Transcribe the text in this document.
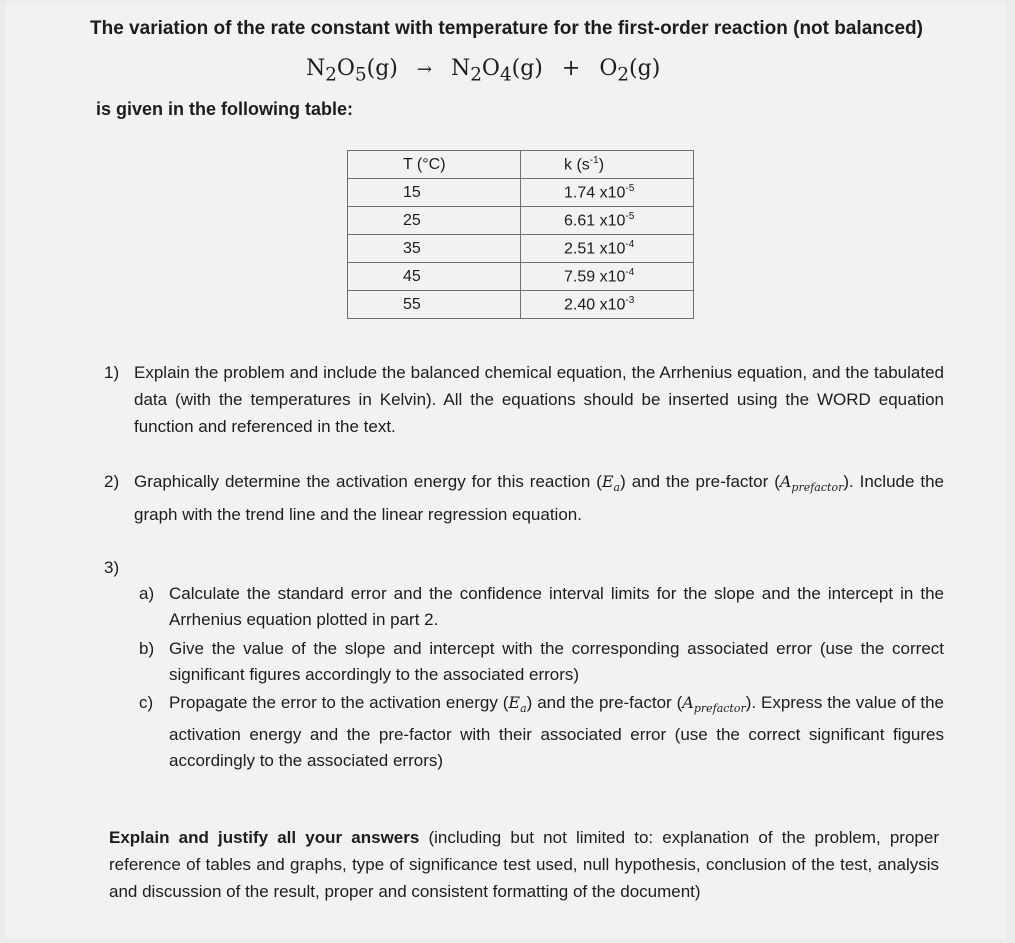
The variation of the rate constant with temperature for the first-order reaction (not balanced)
$N_2O_5(g) \to N_2O_4(g) + O_2(g)$
is given in the following table:
T (°C)	k $(s^{-1})$
15	1.74 $x10^{-5}$
25	6.61 $x10^{-5}$
35	2.51 $x10^{-4}$
45	7.59 $x10^{-4}$
55	2.40 $x10^{-3}$
1) Explain the problem and include the balanced chemical equation, the Arrhenius equation, and the tabulated data (with the temperatures in Kelvin). All the equations should be inserted using the WORD equation function and referenced in the text.
2) Graphically determine the activation energy for this reaction $(E_a)$ and the pre-factor $(A_{prefactor})$. Include the graph with the trend line and the linear regression equation.
3)
a) Calculate the standard error and the confidence interval limits for the slope and the intercept in the Arrhenius equation plotted in part 2.
b) Give the value of the slope and intercept with the corresponding associated error (use the correct significant figures accordingly to the associated errors)
c) Propagate the error to the activation energy $(E_a)$ and the pre-factor $(A_{prefactor})$. Express the value of the activation energy and the pre-factor with their associated error (use the correct significant figures accordingly to the associated errors)
Explain and justify all your answers (including but not limited to: explanation of the problem, proper reference of tables and graphs, type of significance test used, null hypothesis, conclusion of the test, analysis and discussion of the result, proper and consistent formatting of the document)
